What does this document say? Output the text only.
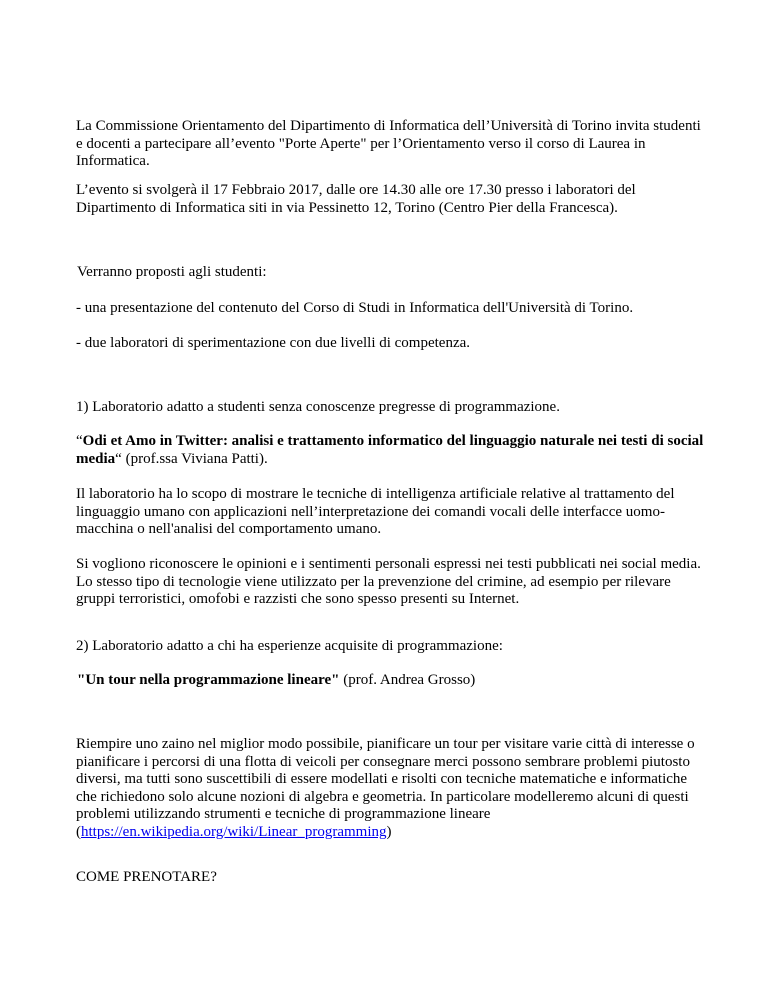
La Commissione Orientamento del Dipartimento di Informatica dell’Università di Torino invita studenti e docenti a partecipare all’evento "Porte Aperte" per l’Orientamento verso il corso di Laurea in Informatica.

L’evento si svolgerà il 17 Febbraio 2017, dalle ore 14.30 alle ore 17.30 presso i laboratori del Dipartimento di Informatica siti in via Pessinetto 12, Torino (Centro Pier della Francesca).

Verranno proposti agli studenti:

- una presentazione del contenuto del Corso di Studi in Informatica dell'Università di Torino.

- due laboratori di sperimentazione con due livelli di competenza.

1) Laboratorio adatto a studenti senza conoscenze pregresse di programmazione.

“Odi et Amo in Twitter: analisi e trattamento informatico del linguaggio naturale nei testi di social media“ (prof.ssa Viviana Patti).

Il laboratorio ha lo scopo di mostrare le tecniche di intelligenza artificiale relative al trattamento del linguaggio umano con applicazioni nell’interpretazione dei comandi vocali delle interfacce uomo-macchina o nell'analisi del comportamento umano.

Si vogliono riconoscere le opinioni e i sentimenti personali espressi nei testi pubblicati nei social media. Lo stesso tipo di tecnologie viene utilizzato per la prevenzione del crimine, ad esempio per rilevare gruppi terroristici, omofobi e razzisti che sono spesso presenti su Internet.

2) Laboratorio adatto a chi ha esperienze acquisite di programmazione:

"Un tour nella programmazione lineare" (prof. Andrea Grosso)

Riempire uno zaino nel miglior modo possibile, pianificare un tour per visitare varie città di interesse o pianificare i percorsi di una flotta di veicoli per consegnare merci possono sembrare problemi piutosto diversi, ma tutti sono suscettibili di essere modellati e risolti con tecniche matematiche e informatiche che richiedono solo alcune nozioni di algebra e geometria. In particolare modelleremo alcuni di questi problemi utilizzando strumenti e tecniche di programmazione lineare (https://en.wikipedia.org/wiki/Linear_programming)

COME PRENOTARE?
